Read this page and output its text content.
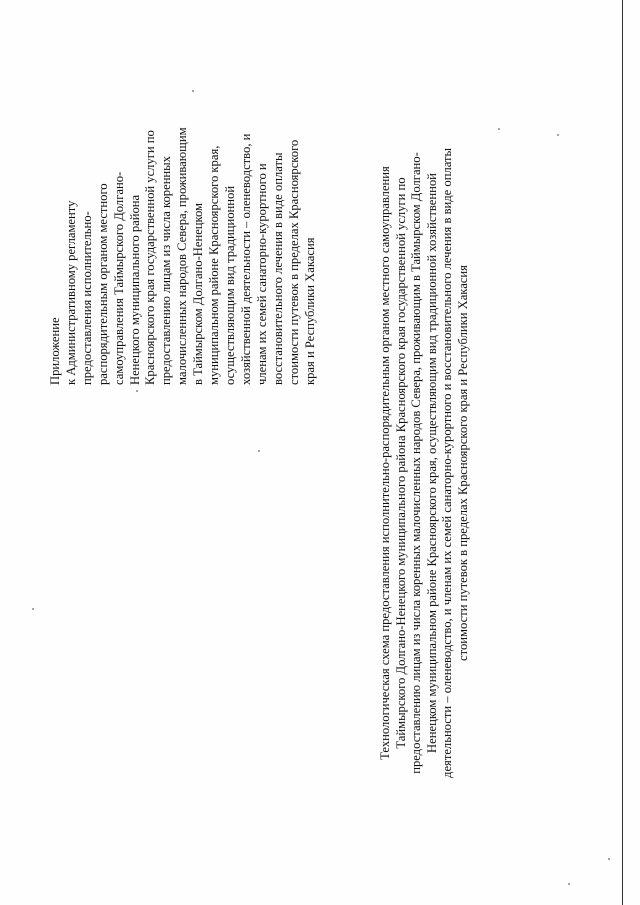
Приложение к Административному регламенту предоставления исполнительно- распорядительным органом местного самоуправления Таймырского Долгано- Ненецкого муниципального района Красноярского края государственной услуги по предоставлению лицам из числа коренных малочисленных народов Севера, проживающим в Таймырском Долгано-Ненецком муниципальном районе Красноярского края, осуществляющим вид традиционной хозяйственной деятельности – оленеводство, и членам их семей санаторно-курортного и восстановительного лечения в виде оплаты стоимости путевок в пределах Красноярского края и Республики Хакасия	Технологическая схема предоставления исполнительно-распорядительным органом местного самоуправления Таймырского Долгано-Ненецкого муниципального района Красноярского края государственной услуги по предоставлению лицам из числа коренных малочисленных народов Севера, проживающим в Таймырском Долгано- Ненецком муниципальном районе Красноярского края, осуществляющим вид традиционной хозяйственной деятельности – оленеводство, и членам их семей санаторно-курортного и восстановительного лечения в виде оплаты стоимости путевок в пределах Красноярского края и Республики Хакасия
